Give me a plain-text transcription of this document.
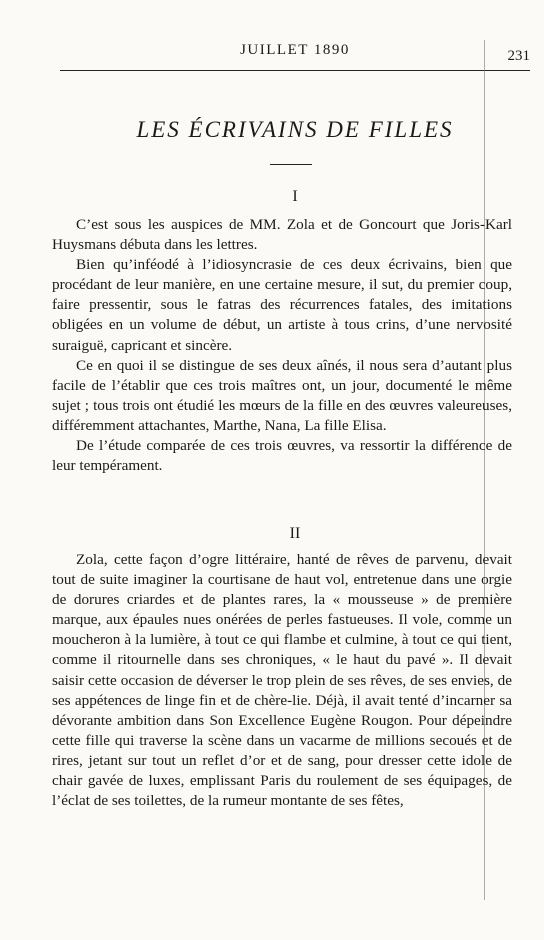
JUILLET 1890	231
LES ÉCRIVAINS DE FILLES
I

C’est sous les auspices de MM. Zola et de Goncourt que Joris-Karl Huysmans débuta dans les lettres.

Bien qu’inféodé à l’idiosyncrasie de ces deux écrivains, bien que procédant de leur manière, en une certaine mesure, il sut, du premier coup, faire pressentir, sous le fatras des récurrences fatales, des imitations obligées en un volume de début, un artiste à tous crins, d’une nervosité suraiguë, capricant et sincère.

Ce en quoi il se distingue de ses deux aînés, il nous sera d’autant plus facile de l’établir que ces trois maîtres ont, un jour, documenté le même sujet ; tous trois ont étudié les mœurs de la fille en des œuvres valeureuses, différemment attachantes, Marthe, Nana, La fille Elisa.

De l’étude comparée de ces trois œuvres, va ressortir la différence de leur tempérament.

II

Zola, cette façon d’ogre littéraire, hanté de rêves de parvenu, devait tout de suite imaginer la courtisane de haut vol, entretenue dans une orgie de dorures criardes et de plantes rares, la « mousseuse » de première marque, aux épaules nues onérées de perles fastueuses. Il vole, comme un moucheron à la lumière, à tout ce qui flambe et culmine, à tout ce qui tient, comme il ritournelle dans ses chroniques, « le haut du pavé ». Il devait saisir cette occasion de déverser le trop plein de ses rêves, de ses envies, de ses appétences de linge fin et de chère-lie. Déjà, il avait tenté d’incarner sa dévorante ambition dans Son Excellence Eugène Rougon. Pour dépeindre cette fille qui traverse la scène dans un vacarme de millions secoués et de rires, jetant sur tout un reflet d’or et de sang, pour dresser cette idole de chair gavée de luxes, emplissant Paris du roulement de ses équipages, de l’éclat de ses toilettes, de la rumeur montante de ses fêtes,
